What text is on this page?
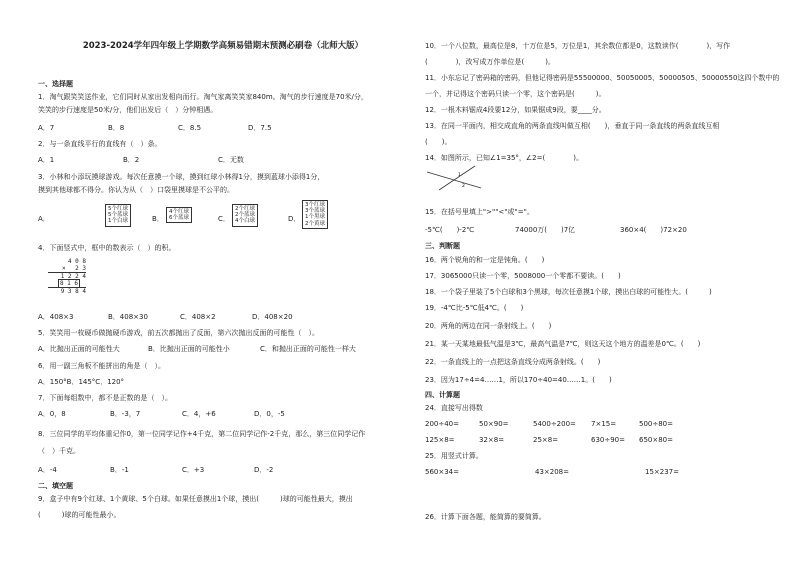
2023-2024学年四年级上学期数学高频易错期末预测必刷卷（北师大版）
一、选择题
1．淘气跟笑笑送作业，它们同时从家出发相向而行。淘气家离笑笑家840m。淘气的步行速度是70米/分，
笑笑的步行速度是50米/分，他们出发后（　）分钟相遇。
A．7	B．8	C．8.5	D．7.5
2．与一条直线平行的直线有（　）条。
A．1	B．2	C．无数
3．小林和小添玩摸球游戏。每次任意摸一个球，摸到红球小林得1分，摸到蓝球小添得1分，
摸到其他球都不得分。你认为从（　）口袋里摸球是不公平的。
A．
5个红球
5个蓝球
1个白球	B．
4个红球
6个蓝球	C．
2个红球
2个蓝球
4个白球	D．
3个红球
3个蓝球
1个黑球
2个黄球
4．下面竖式中，框中的数表示（　）的积。
4 0 8
×　 2 3
1 2 2 4
8 1 6
9 3 8 4
A．408×3	B．408×30	C．408×2	D．408×20
5．笑笑用一枚硬币做抛硬币游戏，前五次都抛出了反面，第六次抛出反面的可能性（　）。
A．比抛出正面的可能性大	B．比抛出正面的可能性小	C．和抛出正面的可能性一样大
6．用一副三角板不能拼出的角是（　）。
A．150°B．145°C．120°
7．下面每组数中，都不是正数的是（　）。
A．0，8	B．-3，7	C．4，+6	D．0，-5
8．三位同学的平均体重记作0，第一位同学记作+4千克，第二位同学记作-2千克，那么，第三位同学记作
（　）千克。
A．-4	B．-1	C．+3	D．-2
二、填空题
9．盒子中有9个红球、1个黄球、5个白球。如果任意摸出1个球，摸出(　　　)球的可能性最大，摸出
(　　　)球的可能性最小。
10．一个八位数，最高位是8，十万位是5，万位是1，其余数位都是0，这数读作(　　　　)，写作
(　　　　)，改写成万作单位是(　　　)。
11．小东忘记了密码箱的密码，但他记得密码是55500000、50050005、50000505、50000550这四个数中的
一个，并记得这个密码只读一个零，这个密码是(　　　)。
12．一根木料锯成4段要12分，如果锯成9段，要____分。
13．在同一平面内，相交成直角的两条直线叫做互相(　　)，垂直于同一条直线的两条直线互相
(　　)。
14．如图所示，已知∠1=35°，∠2=(　　　　)。
1
2
15．在括号里填上">""<"或"="。
-5℃(　　)-2℃	74000万(　　)7亿	360×4(　　)72×20
三、判断题
16．两个锐角的和一定是钝角。(　　)
17．3065000只读一个零，5008000一个零都不要读。(　　)
18．一个袋子里装了5个白球和3个黑球，每次任意摸1个球，摸出白球的可能性大。(　　　)
19．-4℃比-5℃低4℃。(　　)
20．两角的两边在同一条射线上。(　　)
21．某一天某地最低气温是3℃，最高气温是7℃，则这天这个地方的温差是0℃。(　　)
22．一条直线上的一点把这条直线分成两条射线。(　　)
23．因为17÷4=4……1，所以170÷40=40……1。(　　)
四、计算题
24．直接写出得数
200÷40=	50×90=	5400÷200=	7×15=	500÷80=
125×8=	32×8=	25×8=	630÷90=	650×80=
25．用竖式计算。
560×34=	43×208=	15×237=
26．计算下面各题，能简算的要简算。
